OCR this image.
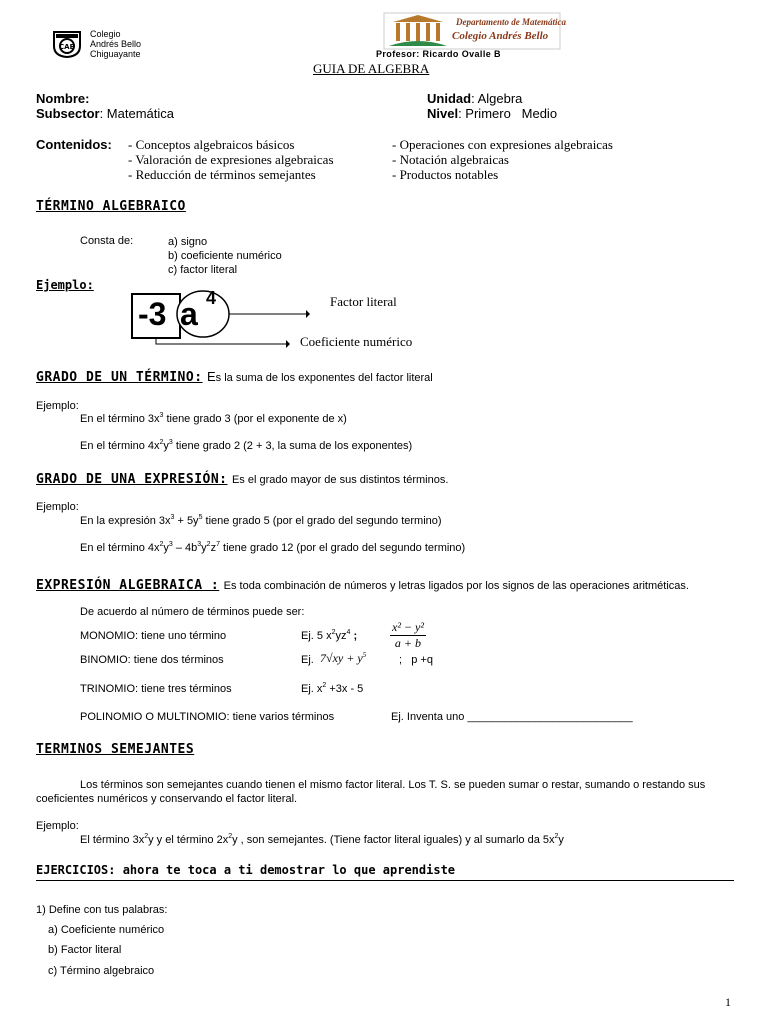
CAB
Colegio
Andrés Bello
Chiguayante
Departamento de Matemática
Colegio Andrés Bello
Profesor: Ricardo Ovalle B
GUIA DE ALGEBRA
Nombre:	Unidad: Algebra
Subsector: Matemática	Nivel: Primero   Medio
Contenidos: - Conceptos algebraicos básicos
- Valoración de expresiones algebraicas
- Reducción de términos semejantes
- Operaciones con expresiones algebraicas
- Notación algebraicas
- Productos notables
TÉRMINO ALGEBRAICO
Consta de:	a) signo
b) coeficiente numérico
c) factor literal
Ejemplo:
-3 a 4	Factor literal
Coeficiente numérico
GRADO DE UN TÉRMINO: Es la suma de los exponentes del factor literal
Ejemplo:
En el término $3x^3$ tiene grado 3 (por el exponente de x)
En el término $4x^2y^3$ tiene grado 2 (2 + 3, la suma de los exponentes)
GRADO DE UNA EXPRESIÓN: Es el grado mayor de sus distintos términos.
Ejemplo:
En la expresión $3x^3 + 5y^5$ tiene grado 5 (por el grado del segundo termino)
En el término $4x^2y^3 - 4b^3y^2z^7$ tiene grado 12 (por el grado del segundo termino)
EXPRESIÓN ALGEBRAICA : Es toda combinación de números y letras ligados por los signos de las operaciones aritméticas.
De acuerdo al número de términos puede ser:
MONOMIO: tiene uno término	Ej. 5 $x^2yz^4$ ;	$\frac{\text{x² − y²}}{a + b}$
BINOMIO: tiene dos términos	Ej. $7√xy + y^5$	;   p +q
TRINOMIO: tiene tres términos	Ej. $x^2 +3x - 5$
POLINOMIO O MULTINOMIO: tiene varios términos	Ej. Inventa uno ___________________________
TERMINOS SEMEJANTES
Los términos son semejantes cuando tienen el mismo factor literal. Los T. S. se pueden sumar o restar, sumando o restando sus
coeficientes numéricos y conservando el factor literal.
Ejemplo:
El término $3x^2y$ y el término $2x^2y$ , son semejantes. (Tiene factor literal iguales) y al sumarlo da $5x^2y$
EJERCICIOS: ahora te toca a ti demostrar lo que aprendiste
1) Define con tus palabras:
a) Coeficiente numérico
b) Factor literal
c) Término algebraico
1
